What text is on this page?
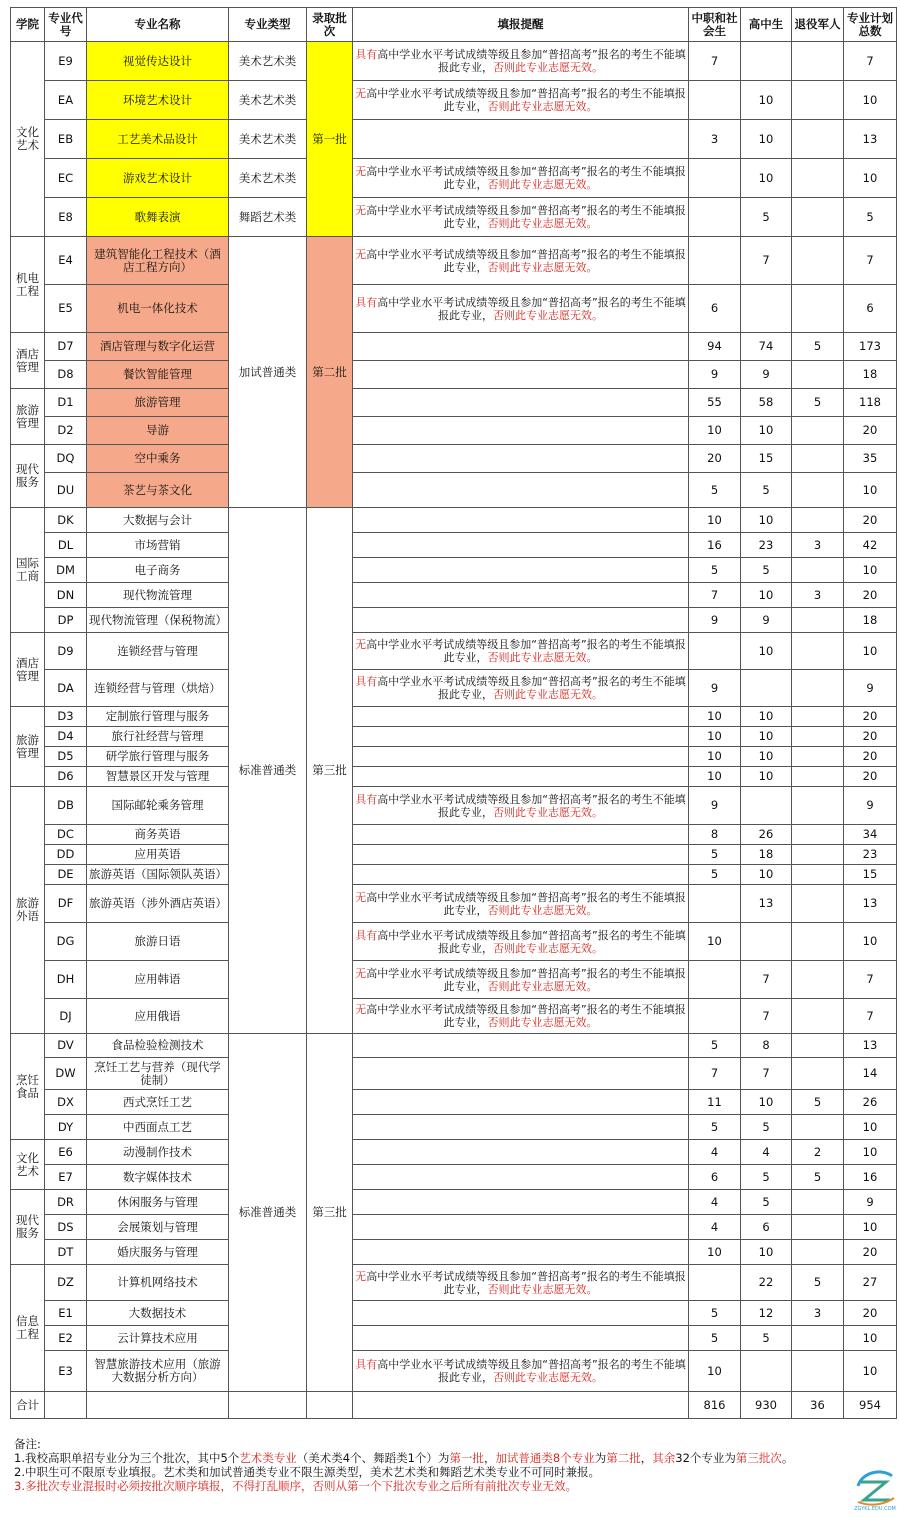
学院	专业代号	专业名称	专业类型	录取批次	填报提醒	中职和社会生	高中生	退役军人	专业计划总数
文化艺术	E9	视觉传达设计	美术艺术类	第一批	具有高中学业水平考试成绩等级且参加“普招高考”报名的考生不能填报此专业，否则此专业志愿无效。	7			7
	EA	环境艺术设计	美术艺术类		无高中学业水平考试成绩等级且参加“普招高考”报名的考生不能填报此专业，否则此专业志愿无效。		10		10
	EB	工艺美术品设计	美术艺术类			3	10		13
	EC	游戏艺术设计	美术艺术类		无高中学业水平考试成绩等级且参加“普招高考”报名的考生不能填报此专业，否则此专业志愿无效。		10		10
	E8	歌舞表演	舞蹈艺术类		无高中学业水平考试成绩等级且参加“普招高考”报名的考生不能填报此专业，否则此专业志愿无效。		5		5
机电工程	E4	建筑智能化工程技术（酒店工程方向）	加试普通类	第二批	无高中学业水平考试成绩等级且参加“普招高考”报名的考生不能填报此专业，否则此专业志愿无效。		7		7
	E5	机电一体化技术			具有高中学业水平考试成绩等级且参加“普招高考”报名的考生不能填报此专业，否则此专业志愿无效。	6			6
酒店管理	D7	酒店管理与数字化运营				94	74	5	173
	D8	餐饮智能管理				9	9		18
旅游管理	D1	旅游管理				55	58	5	118
	D2	导游				10	10		20
现代服务	DQ	空中乘务				20	15		35
	DU	茶艺与茶文化				5	5		10
国际工商	DK	大数据与会计	标准普通类	第三批		10	10		20
	DL	市场营销				16	23	3	42
	DM	电子商务				5	5		10
	DN	现代物流管理				7	10	3	20
	DP	现代物流管理（保税物流）				9	9		18
酒店管理	D9	连锁经营与管理			无高中学业水平考试成绩等级且参加“普招高考”报名的考生不能填报此专业，否则此专业志愿无效。		10		10
	DA	连锁经营与管理（烘焙）			具有高中学业水平考试成绩等级且参加“普招高考”报名的考生不能填报此专业，否则此专业志愿无效。	9			9
旅游管理	D3	定制旅行管理与服务				10	10		20
	D4	旅行社经营与管理				10	10		20
	D5	研学旅行管理与服务				10	10		20
	D6	智慧景区开发与管理				10	10		20
旅游外语	DB	国际邮轮乘务管理			具有高中学业水平考试成绩等级且参加“普招高考”报名的考生不能填报此专业，否则此专业志愿无效。	9			9
	DC	商务英语				8	26		34
	DD	应用英语				5	18		23
	DE	旅游英语（国际领队英语）				5	10		15
	DF	旅游英语（涉外酒店英语）			无高中学业水平考试成绩等级且参加“普招高考”报名的考生不能填报此专业，否则此专业志愿无效。		13		13
	DG	旅游日语			具有高中学业水平考试成绩等级且参加“普招高考”报名的考生不能填报此专业，否则此专业志愿无效。	10			10
	DH	应用韩语			无高中学业水平考试成绩等级且参加“普招高考”报名的考生不能填报此专业，否则此专业志愿无效。		7		7
	DJ	应用俄语			无高中学业水平考试成绩等级且参加“普招高考”报名的考生不能填报此专业，否则此专业志愿无效。		7		7
烹饪食品	DV	食品检验检测技术	标准普通类	第三批		5	8		13
	DW	烹饪工艺与营养（现代学徒制）				7	7		14
	DX	西式烹饪工艺				11	10	5	26
	DY	中西面点工艺				5	5		10
文化艺术	E6	动漫制作技术				4	4	2	10
	E7	数字媒体技术				6	5	5	16
现代服务	DR	休闲服务与管理				4	5		9
	DS	会展策划与管理				4	6		10
	DT	婚庆服务与管理				10	10		20
信息工程	DZ	计算机网络技术			无高中学业水平考试成绩等级且参加“普招高考”报名的考生不能填报此专业，否则此专业志愿无效。		22	5	27
	E1	大数据技术				5	12	3	20
	E2	云计算技术应用				5	5		10
	E3	智慧旅游技术应用（旅游大数据分析方向）			具有高中学业水平考试成绩等级且参加“普招高考”报名的考生不能填报此专业，否则此专业志愿无效。	10			10
合计						816	930	36	954
备注:
1.我校高职单招专业分为三个批次，其中5个艺术类专业（美术类4个、舞蹈类1个）为第一批，加试普通类8个专业为第二批，其余32个专业为第三批次。
2.中职生可不限原专业填报。艺术类和加试普通类专业不限生源类型，美术艺术类和舞蹈艺术类专业不可同时兼报。
3.多批次专业混报时必须按批次顺序填报，不得打乱顺序，否则从第一个下批次专业之后所有前批次专业无效。
ZGYKL.EDU.COM
